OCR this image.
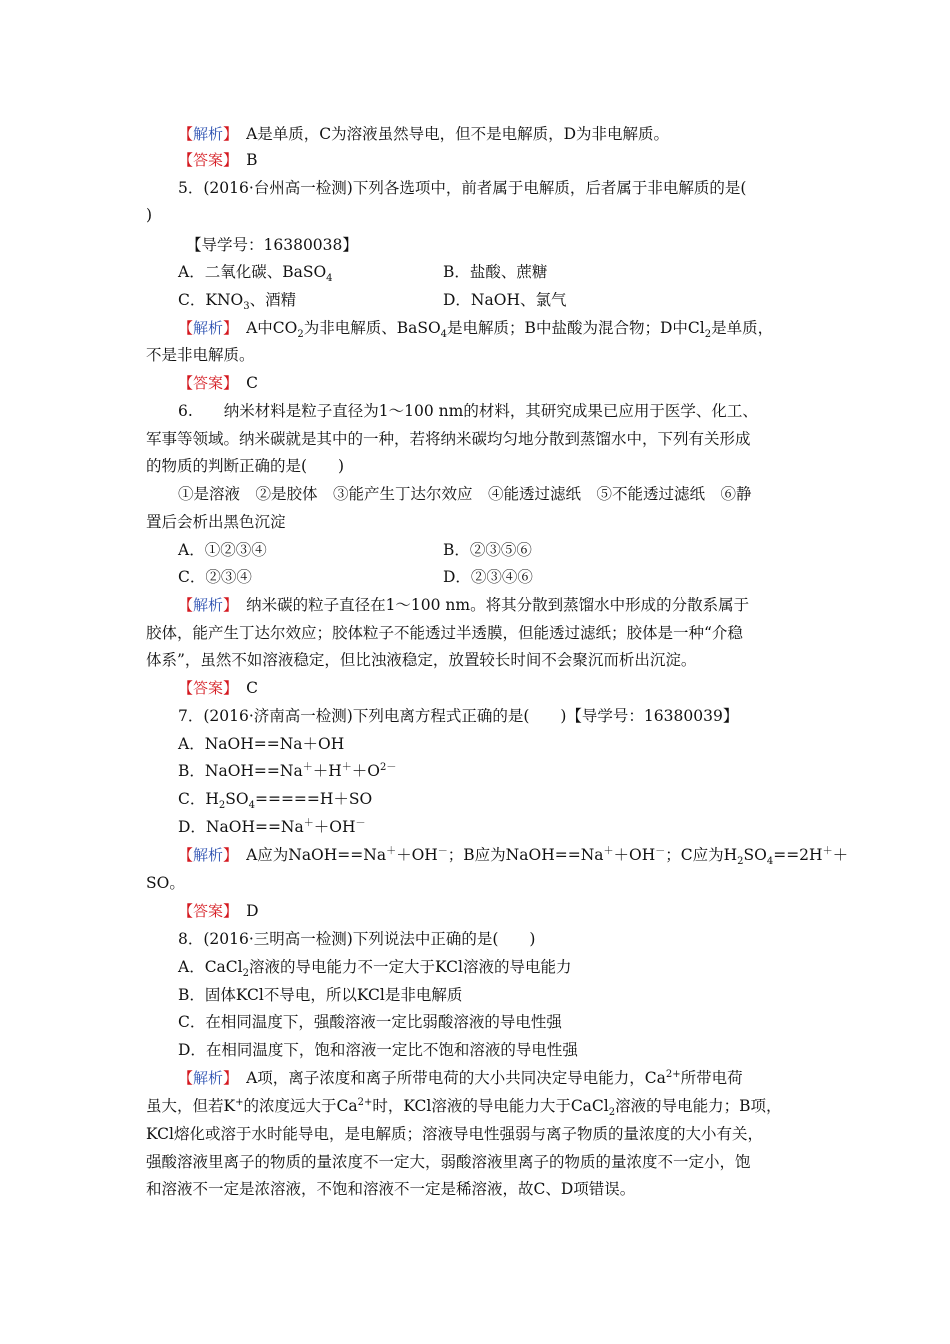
【解析】　 A是单质，C为溶液虽然导电，但不是电解质，D为非电解质。
【答案】　 B
5．(2016·台州高一检测)下列各选项中，前者属于电解质，后者属于非电解质的是(
)
【导学号：16380038】
A．二氧化碳、BaSO$_4$	B．盐酸、蔗糖
C．$KNO_3$、酒精	D．NaOH、氯气
【解析】　 A中$CO_2$为非电解质、BaSO$_4$是电解质；B中盐酸为混合物；D中$Cl_2$是单质，
不是非电解质。
【答案】　 C
6.　　纳米材料是粒子直径为1～100 nm的材料，其研究成果已应用于医学、化工、
军事等领域。纳米碳就是其中的一种，若将纳米碳均匀地分散到蒸馏水中，下列有关形成
的物质的判断正确的是(　　)
①是溶液　②是胶体　③能产生丁达尔效应　④能透过滤纸　⑤不能透过滤纸　⑥静
置后会析出黑色沉淀
A．①②③④	B．②③⑤⑥
C．②③④	D．②③④⑥
【解析】　 纳米碳的粒子直径在1～100 nm。将其分散到蒸馏水中形成的分散系属于
胶体，能产生丁达尔效应；胶体粒子不能透过半透膜，但能透过滤纸；胶体是一种“介稳
体系”，虽然不如溶液稳定，但比浊液稳定，放置较长时间不会聚沉而析出沉淀。
【答案】　 C
7．(2016·济南高一检测)下列电离方程式正确的是(　　)【导学号：16380039】
A．NaOH==Na＋OH
B．$NaOH==Na^++H^++O^{2-}$
C．$H_2SO_4=====H+SO$
D．NaOH==Na＋＋OH－
【解析】　 A应为NaOH==Na＋＋OH－；B应为NaOH==Na＋＋OH－；C应为$H_2SO_4==2H^++$
SO。
【答案】　 D
8．(2016·三明高一检测)下列说法中正确的是(　　)
A．CaCl$_2$溶液的导电能力不一定大于KCl溶液的导电能力
B．固体KCl不导电，所以KCl是非电解质
C．在相同温度下，强酸溶液一定比弱酸溶液的导电性强
D．在相同温度下，饱和溶液一定比不饱和溶液的导电性强
【解析】　 A项，离子浓度和离子所带电荷的大小共同决定导电能力，$Ca^{2+}$所带电荷
虽大，但若K+的浓度远大于$Ca^{2+}$时，KCl溶液的导电能力大于CaCl$_2$溶液的导电能力；B项，
KCl熔化或溶于水时能导电，是电解质；溶液导电性强弱与离子物质的量浓度的大小有关，
强酸溶液里离子的物质的量浓度不一定大，弱酸溶液里离子的物质的量浓度不一定小，饱
和溶液不一定是浓溶液，不饱和溶液不一定是稀溶液，故C、D项错误。
